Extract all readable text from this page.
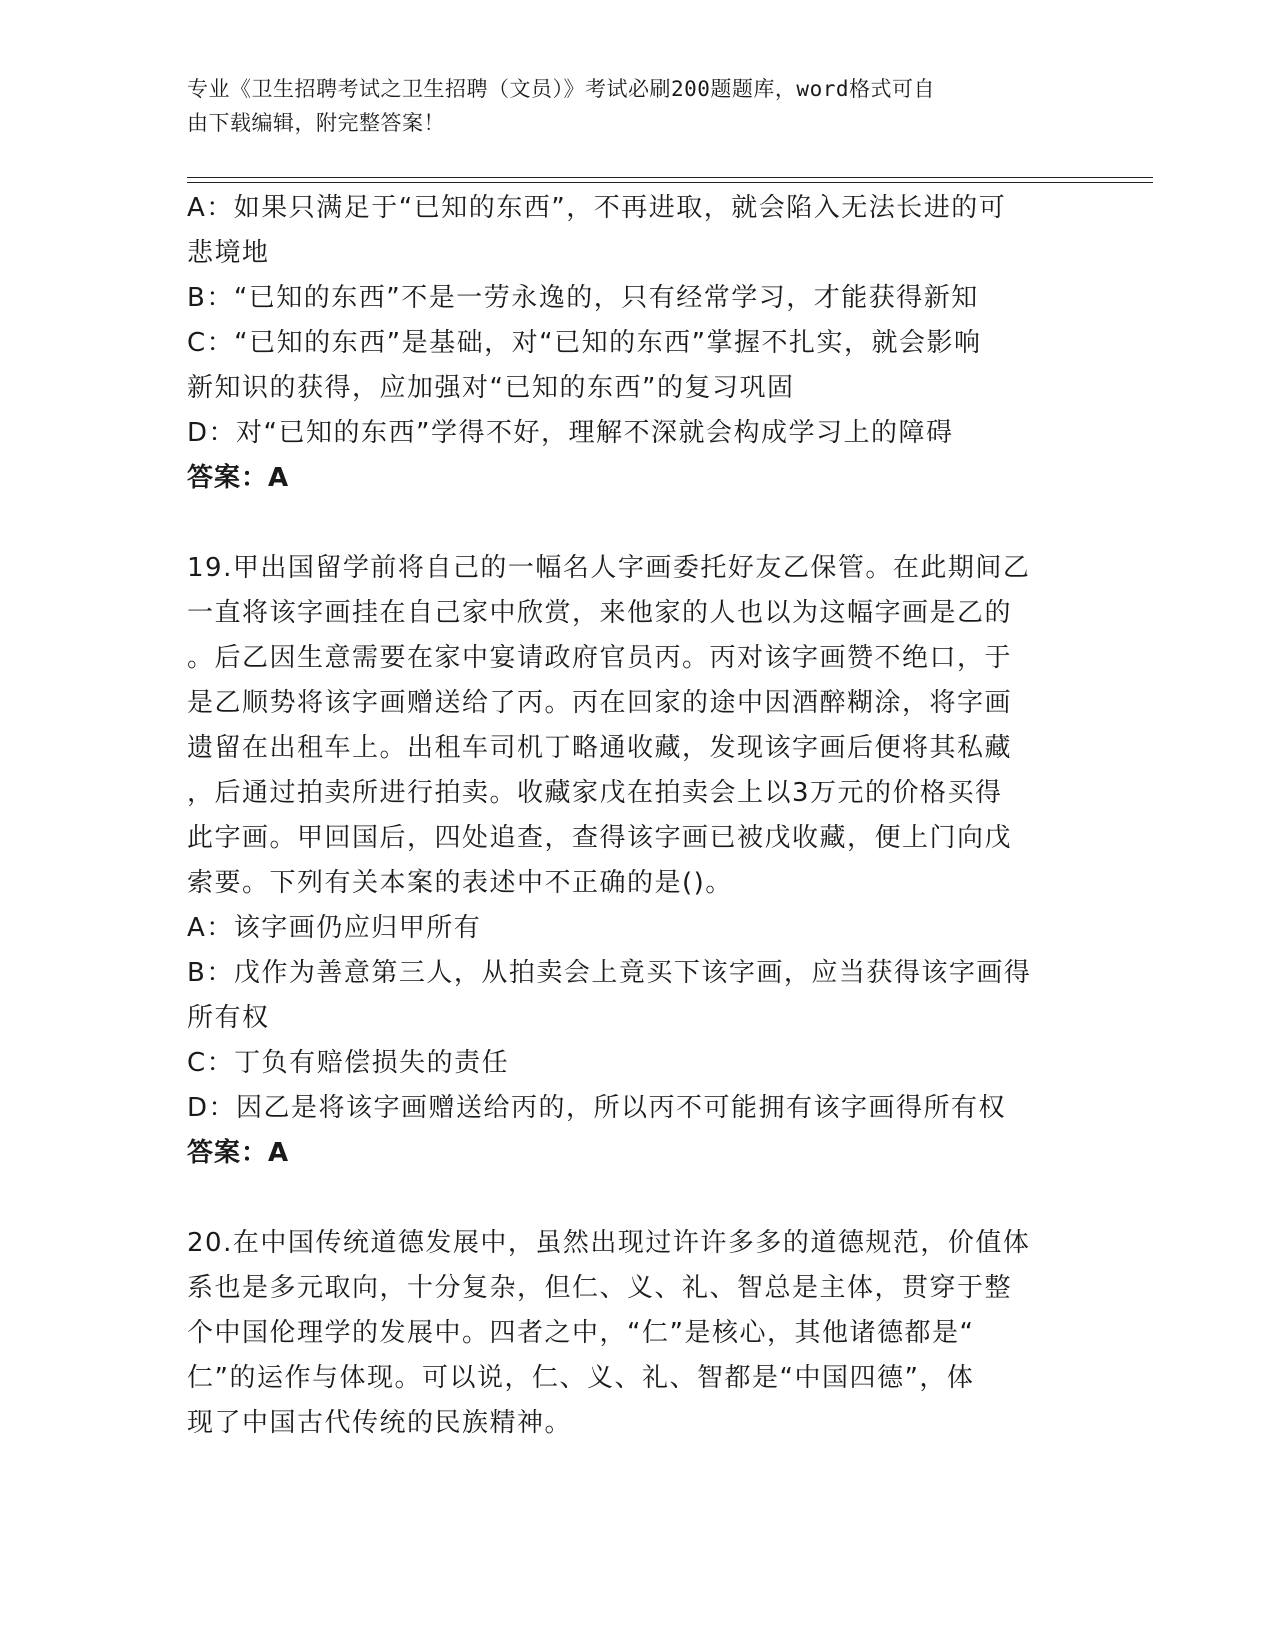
专业《卫生招聘考试之卫生招聘（文员）》考试必刷200题题库，word格式可自
由下载编辑，附完整答案！
A：如果只满足于“已知的东西”，不再进取，就会陷入无法长进的可
悲境地
B：“已知的东西”不是一劳永逸的，只有经常学习，才能获得新知
C：“已知的东西”是基础，对“已知的东西”掌握不扎实，就会影响
新知识的获得，应加强对“已知的东西”的复习巩固
D：对“已知的东西”学得不好，理解不深就会构成学习上的障碍
答案：A
19.甲出国留学前将自己的一幅名人字画委托好友乙保管。在此期间乙
一直将该字画挂在自己家中欣赏，来他家的人也以为这幅字画是乙的
。后乙因生意需要在家中宴请政府官员丙。丙对该字画赞不绝口，于
是乙顺势将该字画赠送给了丙。丙在回家的途中因酒醉糊涂，将字画
遗留在出租车上。出租车司机丁略通收藏，发现该字画后便将其私藏
，后通过拍卖所进行拍卖。收藏家戊在拍卖会上以3万元的价格买得
此字画。甲回国后，四处追查，查得该字画已被戊收藏，便上门向戊
索要。下列有关本案的表述中不正确的是()。
A：该字画仍应归甲所有
B：戊作为善意第三人，从拍卖会上竟买下该字画，应当获得该字画得
所有权
C：丁负有赔偿损失的责任
D：因乙是将该字画赠送给丙的，所以丙不可能拥有该字画得所有权
答案：A
20.在中国传统道德发展中，虽然出现过许许多多的道德规范，价值体
系也是多元取向，十分复杂，但仁、义、礼、智总是主体，贯穿于整
个中国伦理学的发展中。四者之中，“仁”是核心，其他诸德都是“
仁”的运作与体现。可以说，仁、义、礼、智都是“中国四德”，体
现了中国古代传统的民族精神。
